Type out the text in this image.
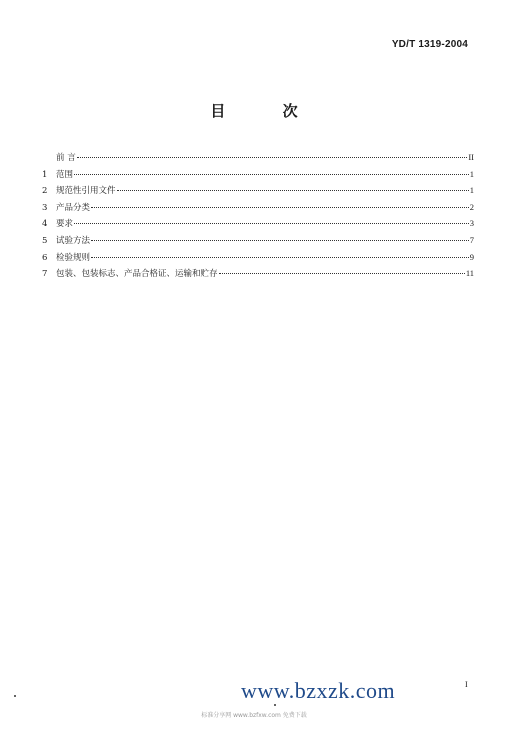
YD/T 1319-2004
目 次
前 言	II
1	范围	1
2	规范性引用文件	1
3	产品分类	2
4	要求	3
5	试验方法	7
6	检验规则	9
7	包装、包装标志、产品合格证、运输和贮存	11
I
www.bzxzk.com
标准分享网 www.bzfxw.com 免费下载
